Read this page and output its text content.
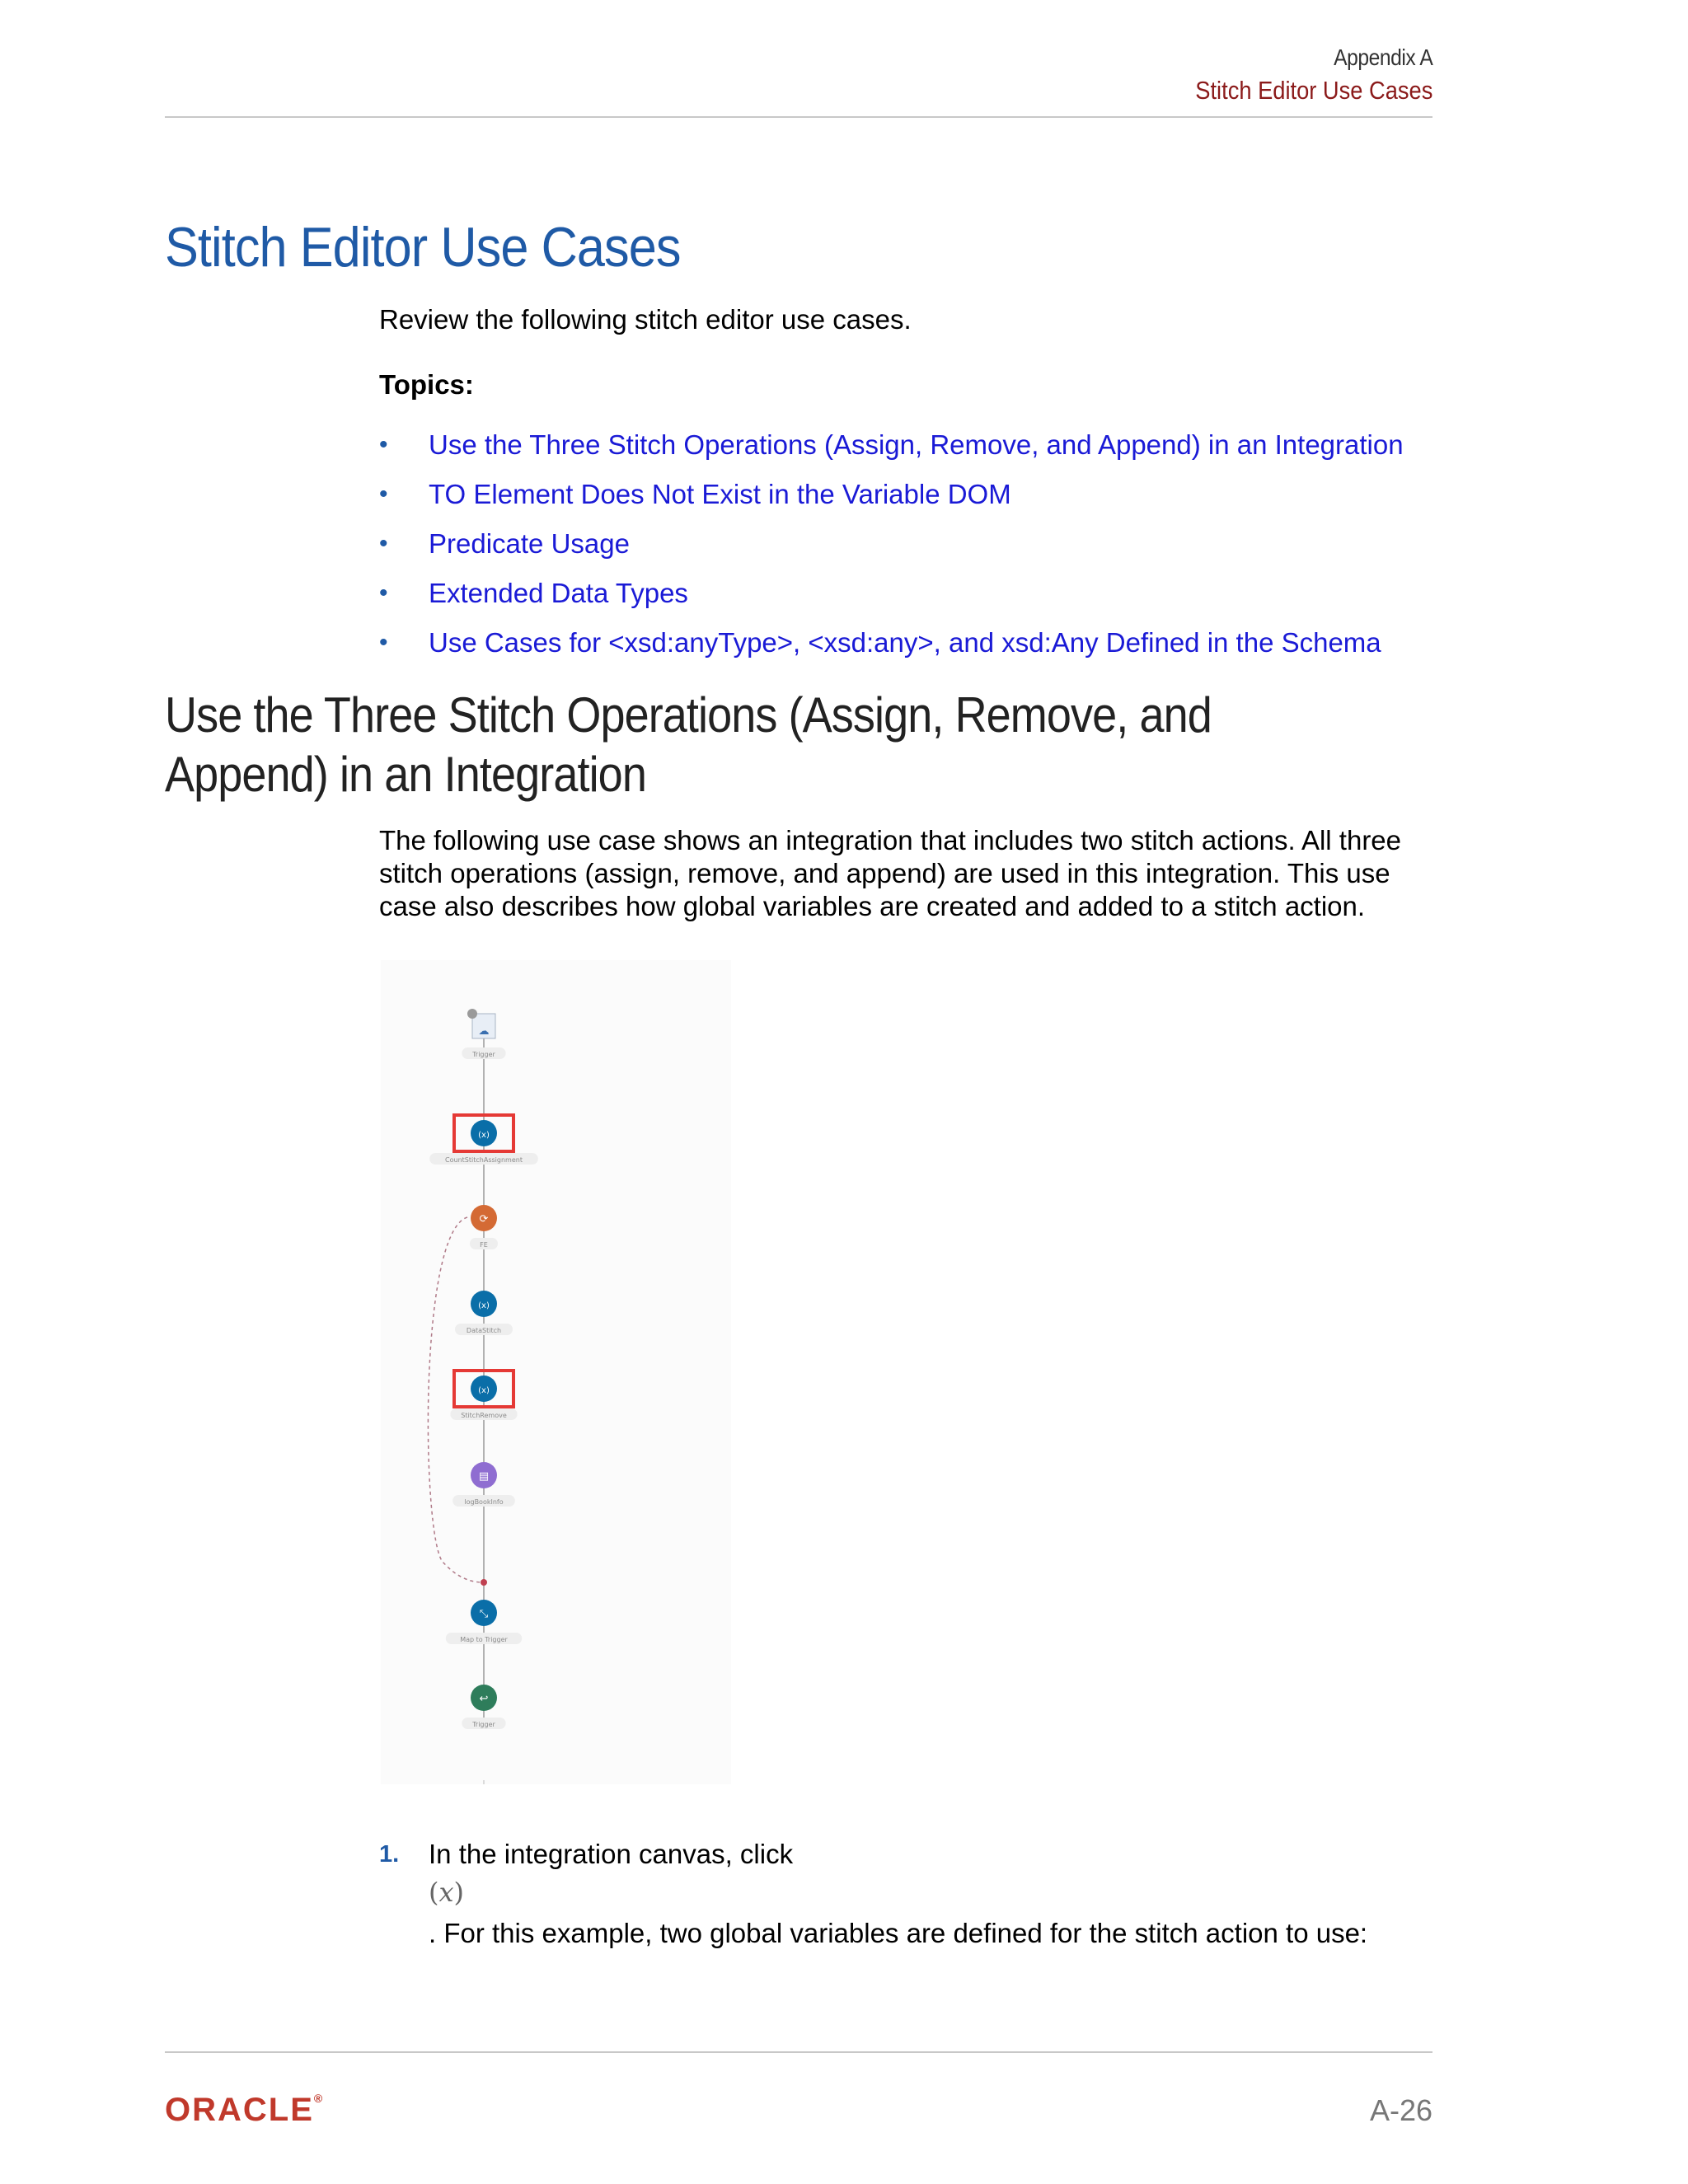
Appendix A
Stitch Editor Use Cases
Stitch Editor Use Cases
Review the following stitch editor use cases.
Topics:
•	Use the Three Stitch Operations (Assign, Remove, and Append) in an Integration
•	TO Element Does Not Exist in the Variable DOM
•	Predicate Usage
•	Extended Data Types
•	Use Cases for <xsd:anyType>, <xsd:any>, and xsd:Any Defined in the Schema
Use the Three Stitch Operations (Assign, Remove, and Append) in an Integration
The following use case shows an integration that includes two stitch actions. All three stitch operations (assign, remove, and append) are used in this integration. This use case also describes how global variables are created and added to a stitch action.
☁
Trigger
(x)
CountStitchAssignment
⟳
FE
(x)
DataStitch
(x)
StitchRemove
▤
logBookInfo
⤡
Map to Trigger
↩
Trigger
1. In the integration canvas, click
(𝑥)
. For this example, two global variables are defined for the stitch action to use:
ORACLE®	A-26
